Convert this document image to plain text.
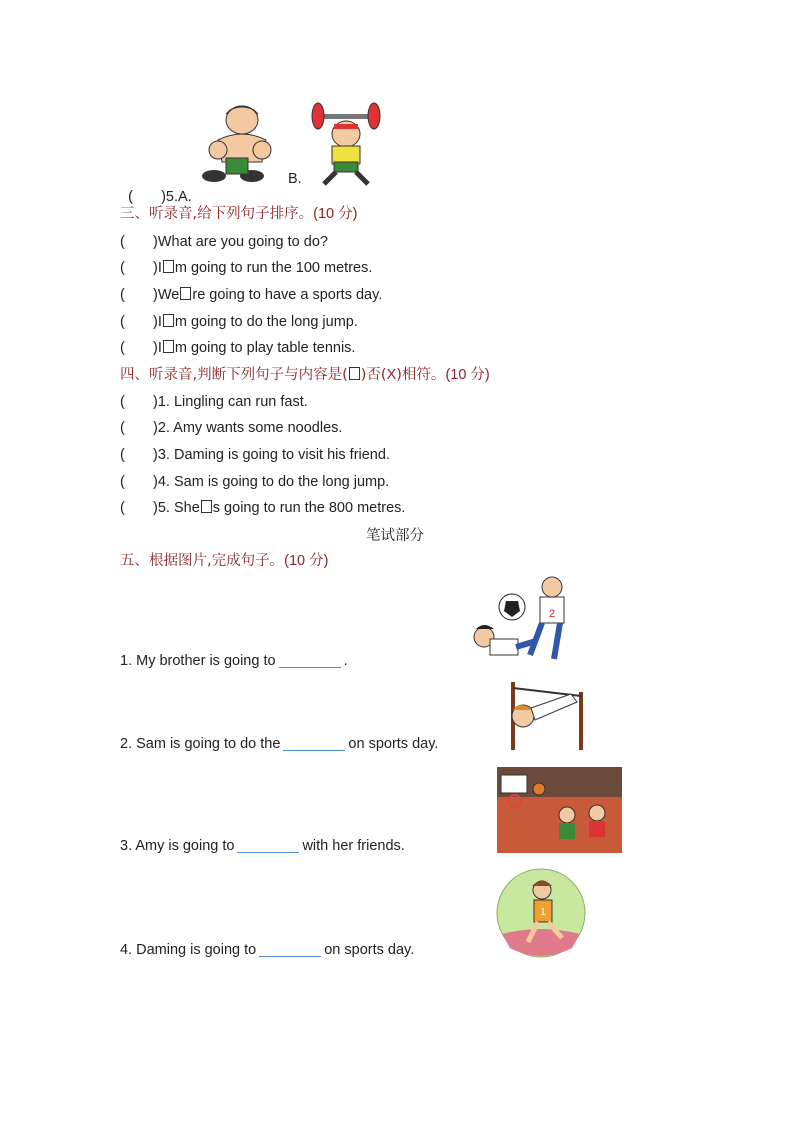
(       )5.A.

B.
三、听录音,给下列句子排序。(10 分)
(       )What are you going to do?
(       )I m going to run the 100 metres.
(       )We re going to have a sports day.
(       )I m going to do the long jump.
(       )I m going to play table tennis.
四、听录音,判断下列句子与内容是( )否(X)相符。(10 分)
(       )1. Lingling can run fast.
(       )2. Amy wants some noodles.
(       )3. Daming is going to visit his friend.
(       )4. Sam is going to do the long jump.
(       )5. She s going to run the 800 metres.
笔试部分
五、根据图片,完成句子。(10 分)
1. My brother is going to	.
2. Sam is going to do the	on sports day.
3. Amy is going to	with her friends.
4. Daming is going to	on sports day.
2
1
